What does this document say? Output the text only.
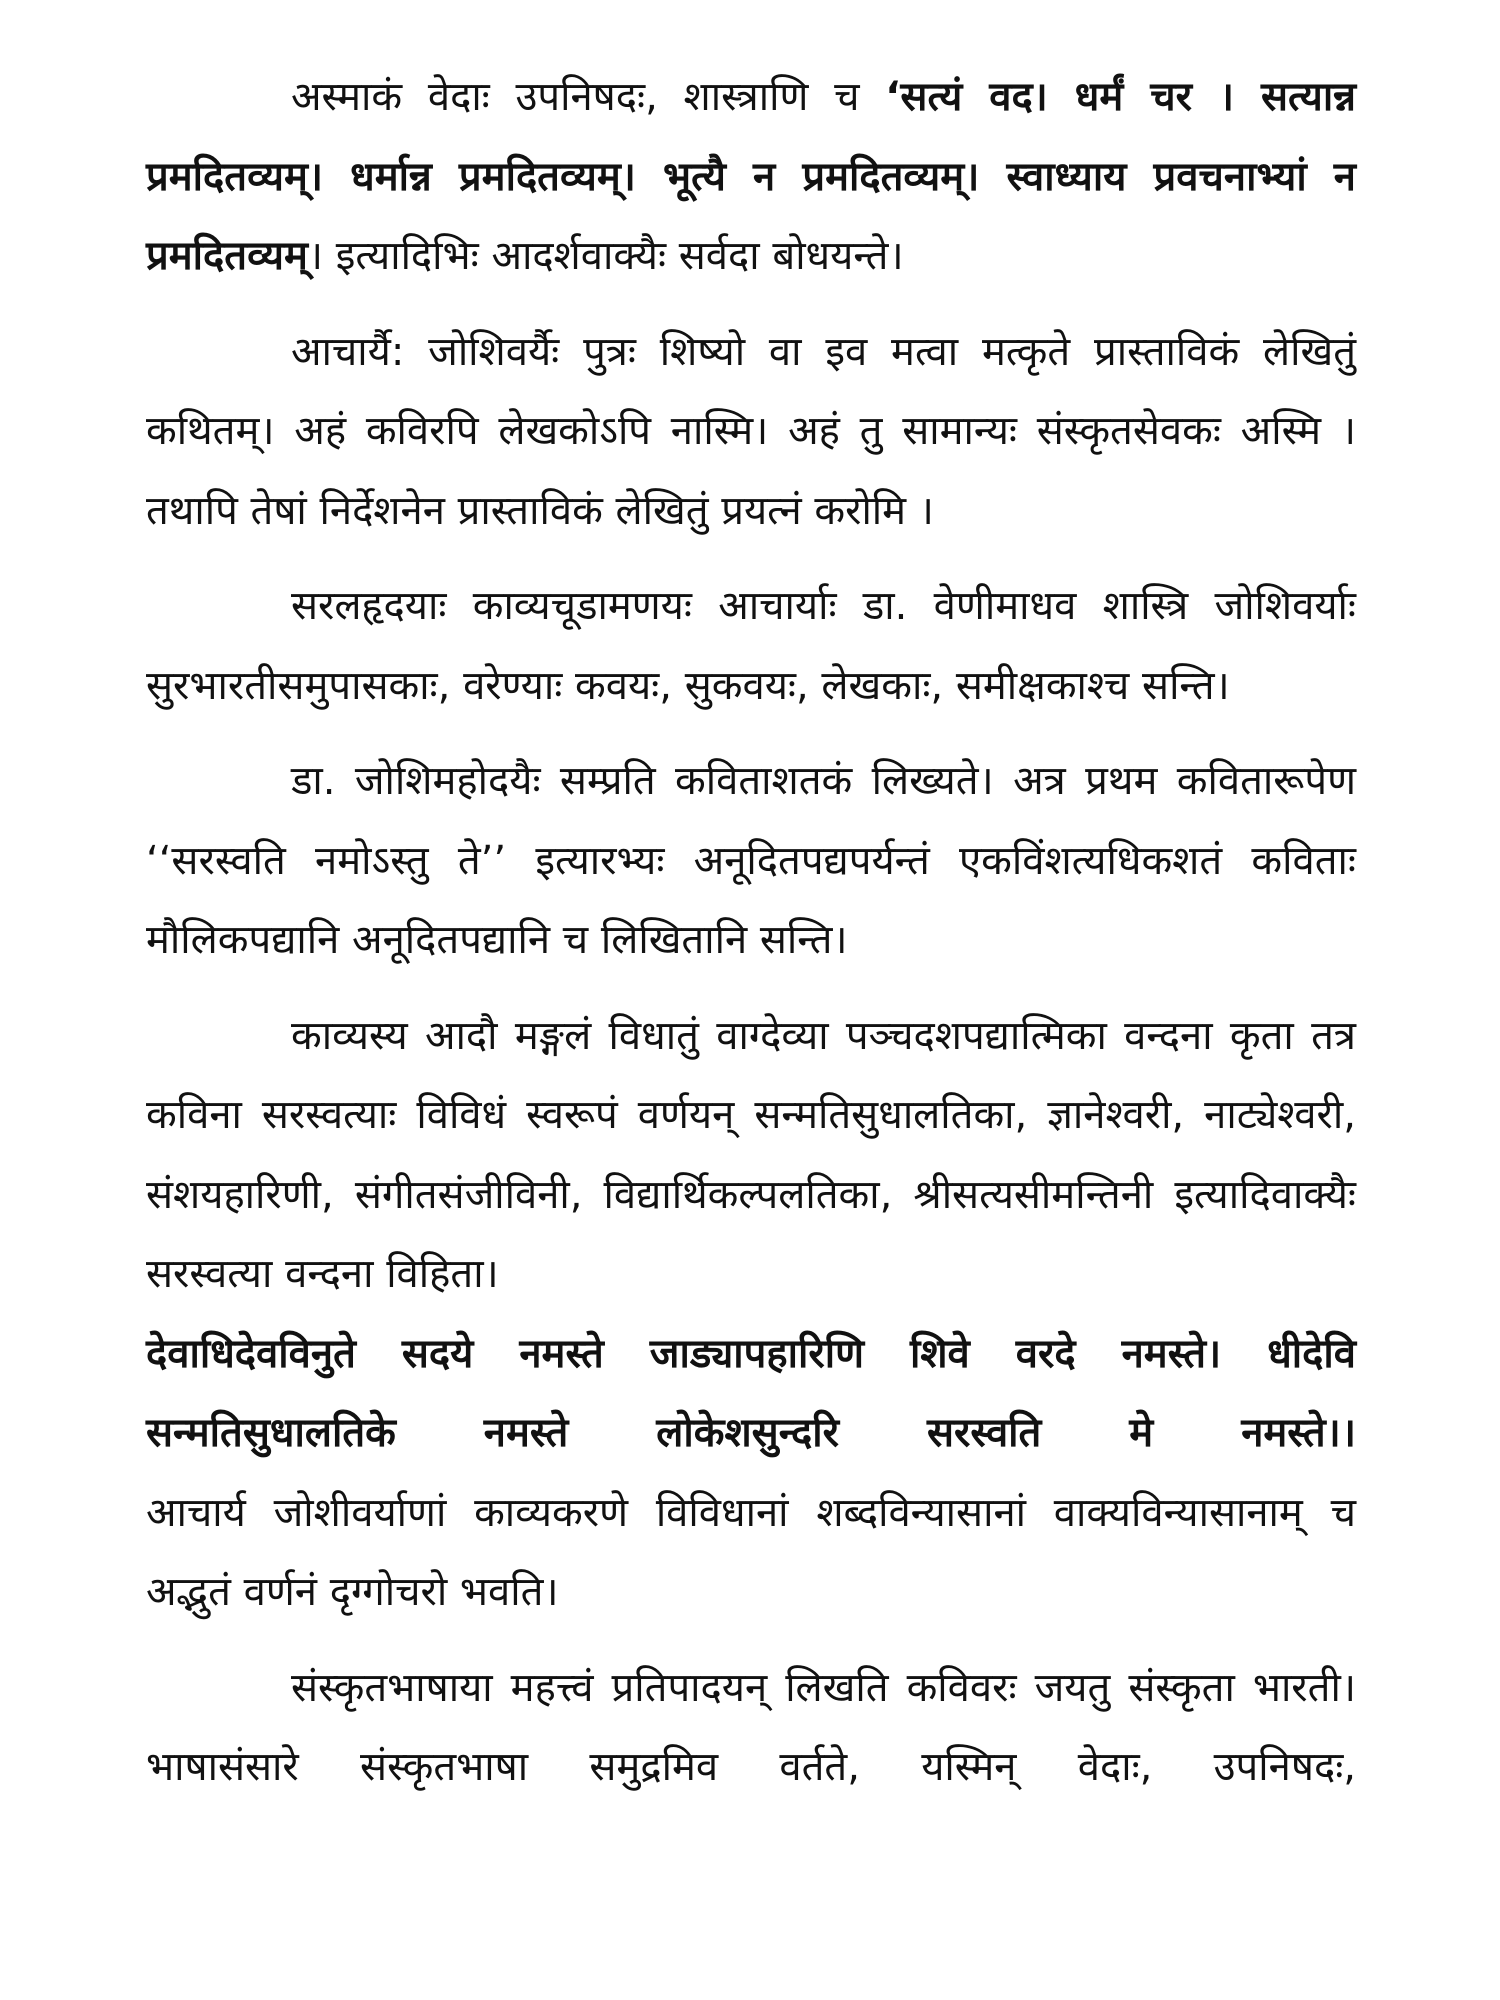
अस्माकं वेदाः उपनिषदः, शास्त्राणि च ‘सत्यं वद। धर्मं चर । सत्यान्न प्रमदितव्यम्। धर्मान्न प्रमदितव्यम्। भूत्यै न प्रमदितव्यम्। स्वाध्याय प्रवचनाभ्यां न प्रमदितव्यम्। इत्यादिभिः आदर्शवाक्यैः सर्वदा बोधयन्ते।

आचार्यै: जोशिवर्यैः पुत्रः शिष्यो वा इव मत्वा मत्कृते प्रास्ताविकं लेखितुं कथितम्। अहं कविरपि लेखकोऽपि नास्मि। अहं तु सामान्यः संस्कृतसेवकः अस्मि । तथापि तेषां निर्देशनेन प्रास्ताविकं लेखितुं प्रयत्नं करोमि ।

सरलहृदयाः काव्यचूडामणयः आचार्याः डा. वेणीमाधव शास्त्रि जोशिवर्याः सुरभारतीसमुपासकाः, वरेण्याः कवयः, सुकवयः, लेखकाः, समीक्षकाश्च सन्ति।

डा. जोशिमहोदयैः सम्प्रति कविताशतकं लिख्यते। अत्र प्रथम कवितारूपेण ‘‘सरस्वति नमोऽस्तु ते’’ इत्यारभ्यः अनूदितपद्यपर्यन्तं एकविंशत्यधिकशतं कविताः मौलिकपद्यानि अनूदितपद्यानि च लिखितानि सन्ति।

काव्यस्य आदौ मङ्गलं विधातुं वाग्देव्या पञ्चदशपद्यात्मिका वन्दना कृता तत्र कविना सरस्वत्याः विविधं स्वरूपं वर्णयन् सन्मतिसुधालतिका, ज्ञानेश्वरी, नाट्येश्वरी, संशयहारिणी, संगीतसंजीविनी, विद्यार्थिकल्पलतिका, श्रीसत्यसीमन्तिनी इत्यादिवाक्यैः सरस्वत्या वन्दना विहिता।

देवाधिदेवविनुते सदये नमस्ते जाड्यापहारिणि शिवे वरदे नमस्ते। धीदेवि सन्मतिसुधालतिके नमस्ते लोकेशसुन्दरि सरस्वति मे नमस्ते।।

आचार्य जोशीवर्याणां काव्यकरणे विविधानां शब्दविन्यासानां वाक्यविन्यासानाम् च अद्भुतं वर्णनं दृग्गोचरो भवति।

संस्कृतभाषाया महत्त्वं प्रतिपादयन् लिखति कविवरः जयतु संस्कृता भारती। भाषासंसारे संस्कृतभाषा समुद्रमिव वर्तते, यस्मिन् वेदाः, उपनिषदः,
